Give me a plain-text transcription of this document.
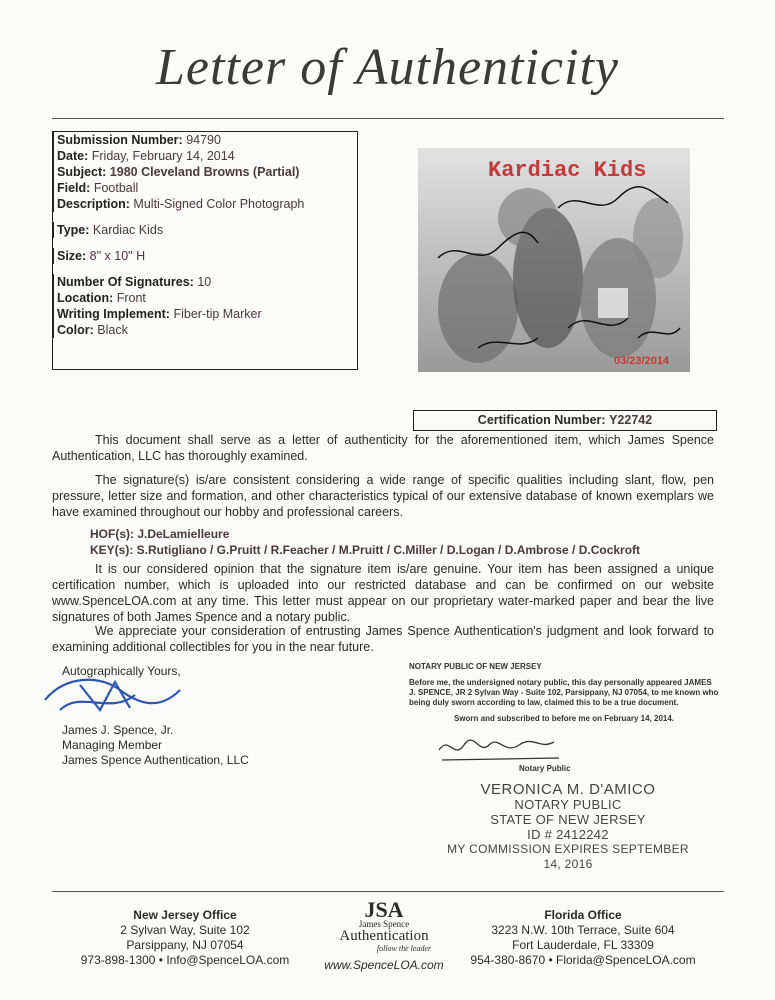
Letter of Authenticity
Submission Number: 94790
Date: Friday, February 14, 2014
Subject: 1980 Cleveland Browns (Partial)
Field: Football
Description: Multi-Signed Color Photograph
Type: Kardiac Kids
Size: 8" x 10" H
Number Of Signatures: 10
Location: Front
Writing Implement: Fiber-tip Marker
Color: Black
Kardiac Kids
03/23/2014
Certification Number: Y22742
This document shall serve as a letter of authenticity for the aforementioned item, which James Spence Authentication, LLC has thoroughly examined.
The signature(s) is/are consistent considering a wide range of specific qualities including slant, flow, pen pressure, letter size and formation, and other characteristics typical of our extensive database of known exemplars we have examined throughout our hobby and professional careers.
HOF(s): J.DeLamielleure
KEY(s): S.Rutigliano / G.Pruitt / R.Feacher / M.Pruitt / C.Miller / D.Logan / D.Ambrose / D.Cockroft
It is our considered opinion that the signature item is/are genuine. Your item has been assigned a unique certification number, which is uploaded into our restricted database and can be confirmed on our website www.SpenceLOA.com at any time. This letter must appear on our proprietary water-marked paper and bear the live signatures of both James Spence and a notary public.
We appreciate your consideration of entrusting James Spence Authentication's judgment and look forward to examining additional collectibles for you in the near future.
Autographically Yours,
James J. Spence, Jr.
Managing Member
James Spence Authentication, LLC
NOTARY PUBLIC OF NEW JERSEY
Before me, the undersigned notary public, this day personally appeared JAMES J. SPENCE, JR 2 Sylvan Way - Suite 102, Parsippany, NJ 07054, to me known who being duly sworn according to law, claimed this to be a true document.
Sworn and subscribed to before me on February 14, 2014.
Notary Public
VERONICA M. D'AMICO
NOTARY PUBLIC
STATE OF NEW JERSEY
ID # 2412242
MY COMMISSION EXPIRES SEPTEMBER 14, 2016
New Jersey Office
2 Sylvan Way, Suite 102
Parsippany, NJ 07054
973-898-1300 • Info@SpenceLOA.com
JSA
James Spence
Authentication
follow the leader
www.SpenceLOA.com
Florida Office
3223 N.W. 10th Terrace, Suite 604
Fort Lauderdale, FL 33309
954-380-8670 • Florida@SpenceLOA.com
